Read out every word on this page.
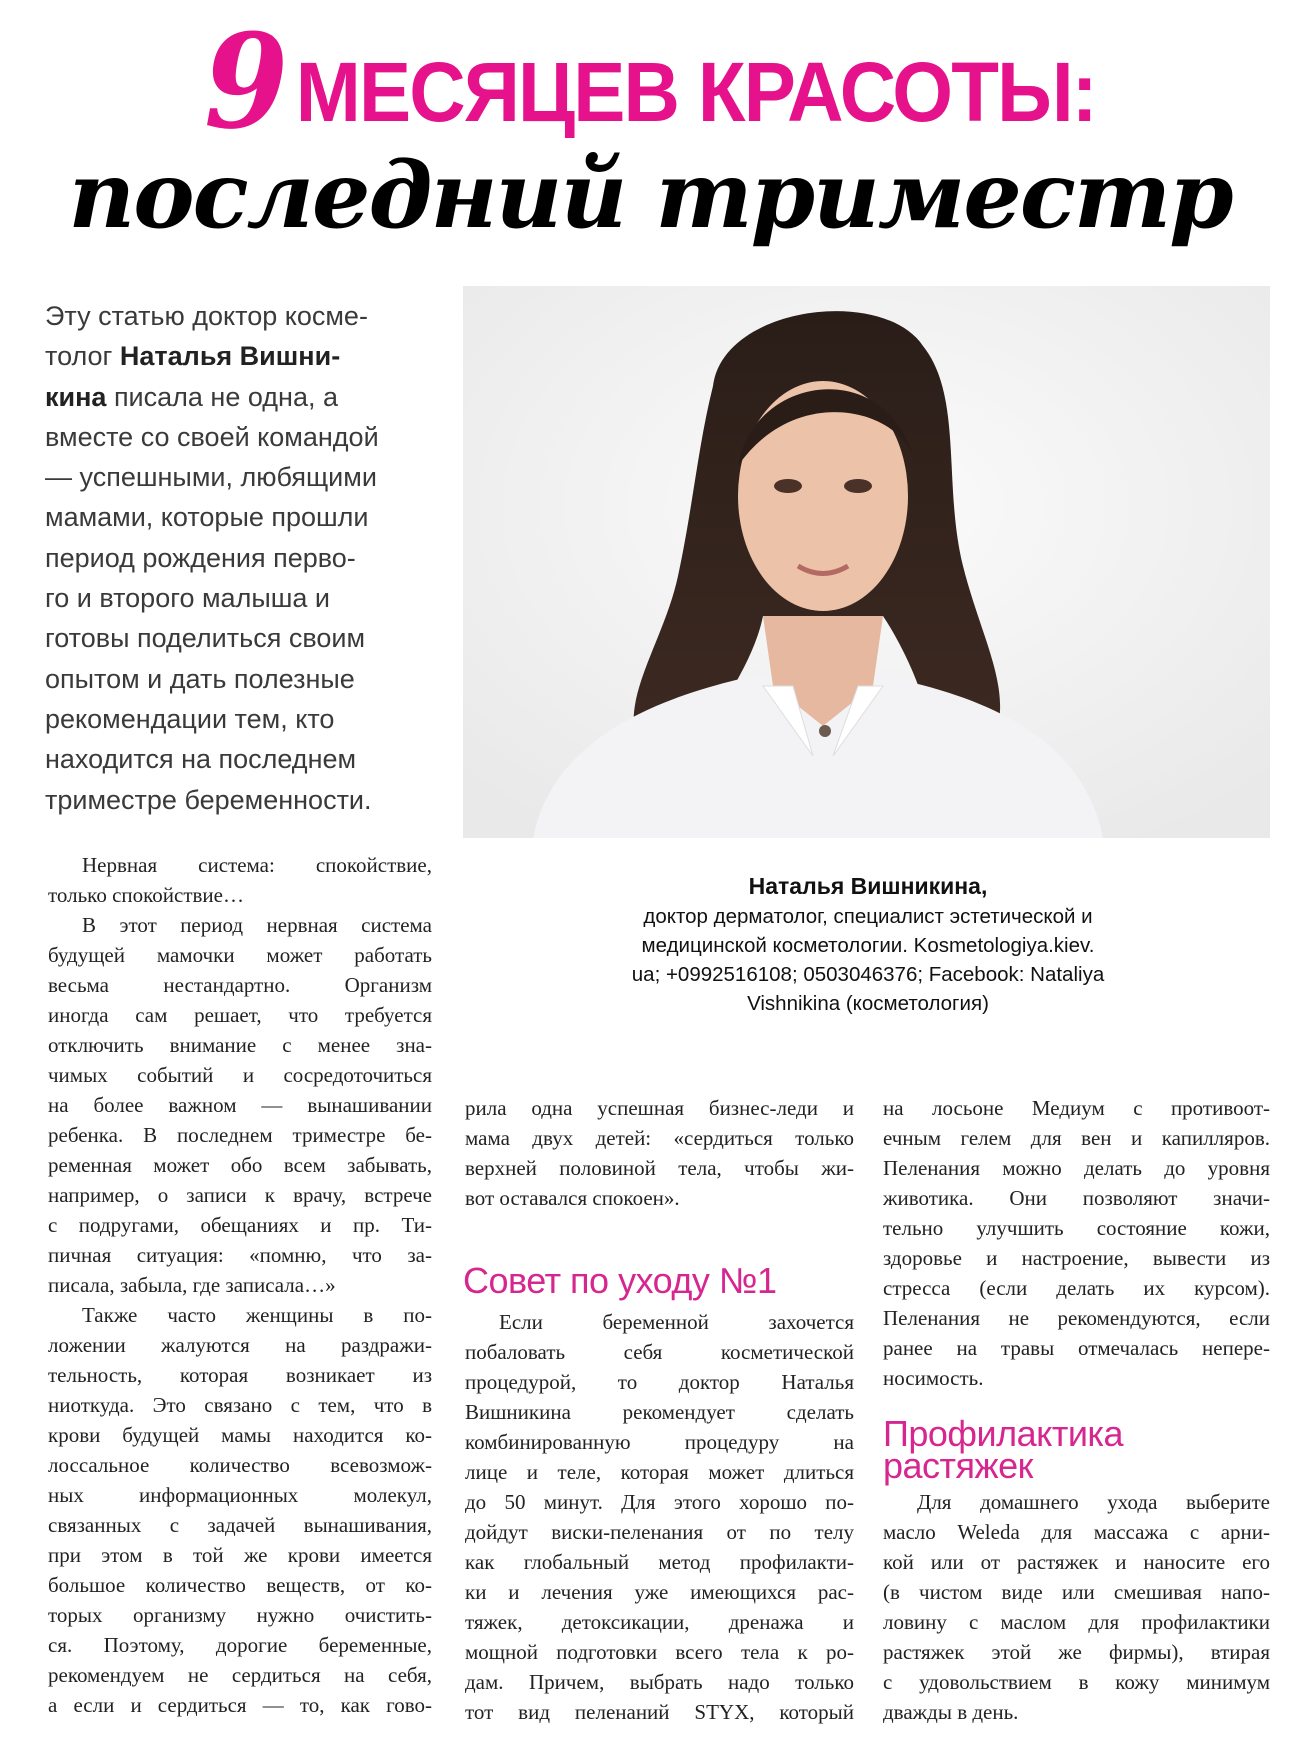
9 МЕСЯЦЕВ КРАСОТЫ:
последний триместр
Эту статью доктор косме-
толог Наталья Вишни-
кина писала не одна, а
вместе со своей командой
— успешными, любящими
мамами, которые прошли
период рождения перво-
го и второго малыша и
готовы поделиться своим
опытом и дать полезные
рекомендации тем, кто
находится на последнем
триместре беременности.
Наталья Вишникина,
доктор дерматолог, специалист эстетической и
медицинской косметологии. Kosmetologiya.kiev.
ua; +0992516108; 0503046376; Facebook: Nataliya
Vishnikina (косметология)
Нервная система: спокойствие,
только спокойствие…
В этот период нервная система
будущей мамочки может работать
весьма нестандартно. Организм
иногда сам решает, что требуется
отключить внимание с менее зна-
чимых событий и сосредоточиться
на более важном — вынашивании
ребенка. В последнем триместре бе-
ременная может обо всем забывать,
например, о записи к врачу, встрече
с подругами, обещаниях и пр. Ти-
пичная ситуация: «помню, что за-
писала, забыла, где записала…»
Также часто женщины в по-
ложении жалуются на раздражи-
тельность, которая возникает из
ниоткуда. Это связано с тем, что в
крови будущей мамы находится ко-
лоссальное количество всевозмож-
ных информационных молекул,
связанных с задачей вынашивания,
при этом в той же крови имеется
большое количество веществ, от ко-
торых организму нужно очистить-
ся. Поэтому, дорогие беременные,
рекомендуем не сердиться на себя,
а если и сердиться — то, как гово-
рила одна успешная бизнес-леди и
мама двух детей: «сердиться только
верхней половиной тела, чтобы жи-
вот оставался спокоен».
Совет по уходу №1
Если беременной захочется
побаловать себя косметической
процедурой, то доктор Наталья
Вишникина рекомендует сделать
комбинированную процедуру на
лице и теле, которая может длиться
до 50 минут. Для этого хорошо по-
дойдут виски-пеленания от по телу
как глобальный метод профилакти-
ки и лечения уже имеющихся рас-
тяжек, детоксикации, дренажа и
мощной подготовки всего тела к ро-
дам. Причем, выбрать надо только
тот вид пеленаний STYX, который
на лосьоне Медиум с противоот-
ечным гелем для вен и капилляров.
Пеленания можно делать до уровня
животика. Они позволяют значи-
тельно улучшить состояние кожи,
здоровье и настроение, вывести из
стресса (если делать их курсом).
Пеленания не рекомендуются, если
ранее на травы отмечалась непере-
носимость.
Профилактика
растяжек
Для домашнего ухода выберите
масло Weleda для массажа с арни-
кой или от растяжек и наносите его
(в чистом виде или смешивая напо-
ловину с маслом для профилактики
растяжек этой же фирмы), втирая
с удовольствием в кожу минимум
дважды в день.
